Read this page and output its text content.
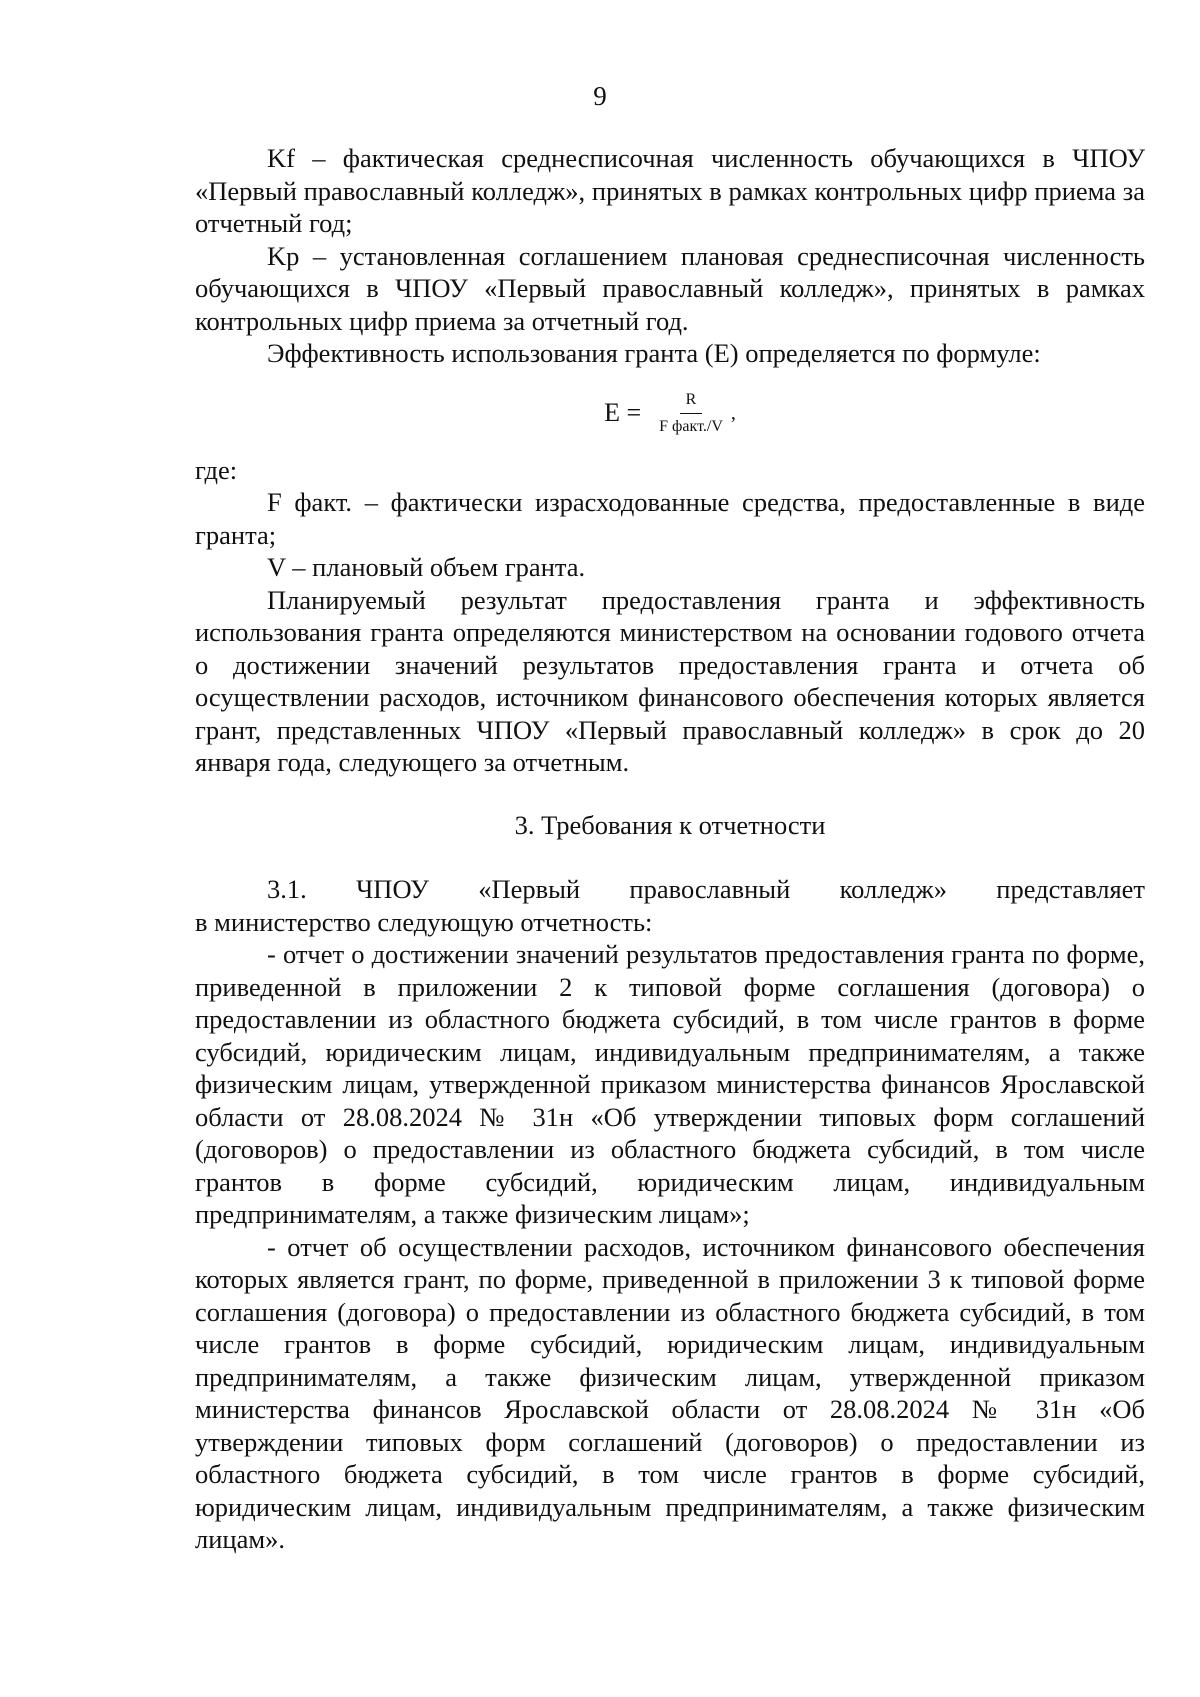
9

Kf – фактическая среднесписочная численность обучающихся в ЧПОУ «Первый православный колледж», принятых в рамках контрольных цифр приема за отчетный год;

Kp – установленная соглашением плановая среднесписочная численность обучающихся в ЧПОУ «Первый православный колледж», принятых в рамках контрольных цифр приема за отчетный год.

Эффективность использования гранта (E) определяется по формуле:

$E = \frac{R}{\text{F факт./V}}$ ,

где:

F факт. – фактически израсходованные средства, предоставленные в виде гранта;

V – плановый объем гранта.

Планируемый результат предоставления гранта и эффективность использования гранта определяются министерством на основании годового отчета о достижении значений результатов предоставления гранта и отчета об осуществлении расходов, источником финансового обеспечения которых является грант, представленных ЧПОУ «Первый православный колледж» в срок до 20 января года, следующего за отчетным.

3. Требования к отчетности
3.1. ЧПОУ «Первый православный колледж» представляет

в министерство следующую отчетность:

- отчет о достижении значений результатов предоставления гранта по форме, приведенной в приложении 2 к типовой форме соглашения (договора) о предоставлении из областного бюджета субсидий, в том числе грантов в форме субсидий, юридическим лицам, индивидуальным предпринимателям, а также физическим лицам, утвержденной приказом министерства финансов Ярославской области от 28.08.2024 № 31н «Об утверждении типовых форм соглашений (договоров) о предоставлении из областного бюджета субсидий, в том числе грантов в форме субсидий, юридическим лицам, индивидуальным предпринимателям, а также физическим лицам»;

- отчет об осуществлении расходов, источником финансового обеспечения которых является грант, по форме, приведенной в приложении 3 к типовой форме соглашения (договора) о предоставлении из областного бюджета субсидий, в том числе грантов в форме субсидий, юридическим лицам, индивидуальным предпринимателям, а также физическим лицам, утвержденной приказом министерства финансов Ярославской области от 28.08.2024 № 31н «Об утверждении типовых форм соглашений (договоров) о предоставлении из областного бюджета субсидий, в том числе грантов в форме субсидий, юридическим лицам, индивидуальным предпринимателям, а также физическим лицам».
